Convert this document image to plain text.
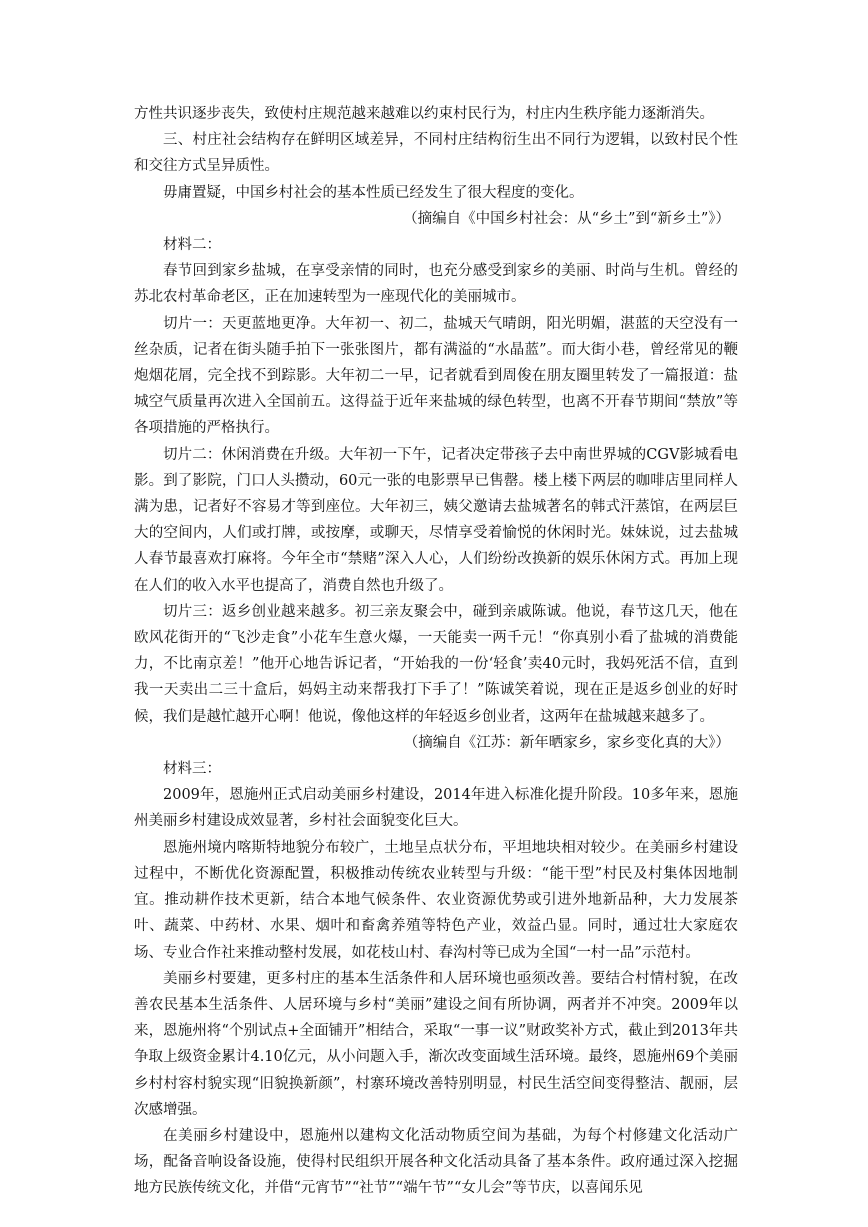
方性共识逐步丧失，致使村庄规范越来越难以约束村民行为，村庄内生秩序能力逐渐消失。

三、村庄社会结构存在鲜明区域差异，不同村庄结构衍生出不同行为逻辑，以致村民个性和交往方式呈异质性。

毋庸置疑，中国乡村社会的基本性质已经发生了很大程度的变化。

（摘编自《中国乡村社会：从“乡土”到“新乡土”》）

材料二：

春节回到家乡盐城，在享受亲情的同时，也充分感受到家乡的美丽、时尚与生机。曾经的苏北农村革命老区，正在加速转型为一座现代化的美丽城市。

切片一：天更蓝地更净。大年初一、初二，盐城天气晴朗，阳光明媚，湛蓝的天空没有一丝杂质，记者在街头随手拍下一张张图片，都有满溢的“水晶蓝”。而大街小巷，曾经常见的鞭炮烟花屑，完全找不到踪影。大年初二一早，记者就看到周俊在朋友圈里转发了一篇报道：盐城空气质量再次进入全国前五。这得益于近年来盐城的绿色转型，也离不开春节期间“禁放”等各项措施的严格执行。

切片二：休闲消费在升级。大年初一下午，记者决定带孩子去中南世界城的CGV影城看电影。到了影院，门口人头攒动，60元一张的电影票早已售罄。楼上楼下两层的咖啡店里同样人满为患，记者好不容易才等到座位。大年初三，姨父邀请去盐城著名的韩式汗蒸馆，在两层巨大的空间内，人们或打牌，或按摩，或聊天，尽情享受着愉悦的休闲时光。妹妹说，过去盐城人春节最喜欢打麻将。今年全市“禁赌”深入人心，人们纷纷改换新的娱乐休闲方式。再加上现在人们的收入水平也提高了，消费自然也升级了。

切片三：返乡创业越来越多。初三亲友聚会中，碰到亲戚陈诚。他说，春节这几天，他在欧风花街开的“飞沙走食”小花车生意火爆，一天能卖一两千元！“你真别小看了盐城的消费能力，不比南京差！”他开心地告诉记者，“开始我的一份‘轻食’卖40元时，我妈死活不信，直到我一天卖出二三十盒后，妈妈主动来帮我打下手了！”陈诚笑着说，现在正是返乡创业的好时候，我们是越忙越开心啊！他说，像他这样的年轻返乡创业者，这两年在盐城越来越多了。

（摘编自《江苏：新年晒家乡，家乡变化真的大》）

材料三：

2009年，恩施州正式启动美丽乡村建设，2014年进入标准化提升阶段。10多年来，恩施州美丽乡村建设成效显著，乡村社会面貌变化巨大。

恩施州境内喀斯特地貌分布较广，土地呈点状分布，平坦地块相对较少。在美丽乡村建设过程中，不断优化资源配置，积极推动传统农业转型与升级：“能干型”村民及村集体因地制宜。推动耕作技术更新，结合本地气候条件、农业资源优势或引进外地新品种，大力发展茶叶、蔬菜、中药材、水果、烟叶和畜禽养殖等特色产业，效益凸显。同时，通过壮大家庭农场、专业合作社来推动整村发展，如花枝山村、春沟村等已成为全国“一村一品”示范村。

美丽乡村要建，更多村庄的基本生活条件和人居环境也亟须改善。要结合村情村貌，在改善农民基本生活条件、人居环境与乡村“美丽”建设之间有所协调，两者并不冲突。2009年以来，恩施州将“个别试点+全面铺开”相结合，采取“一事一议”财政奖补方式，截止到2013年共争取上级资金累计4.10亿元，从小问题入手，渐次改变面域生活环境。最终，恩施州69个美丽乡村村容村貌实现“旧貌换新颜”，村寨环境改善特别明显，村民生活空间变得整洁、靓丽，层次感增强。

在美丽乡村建设中，恩施州以建构文化活动物质空间为基础，为每个村修建文化活动广场，配备音响设备设施，使得村民组织开展各种文化活动具备了基本条件。政府通过深入挖掘地方民族传统文化，并借“元宵节”“社节”“端午节”“女儿会”等节庆，以喜闻乐见
